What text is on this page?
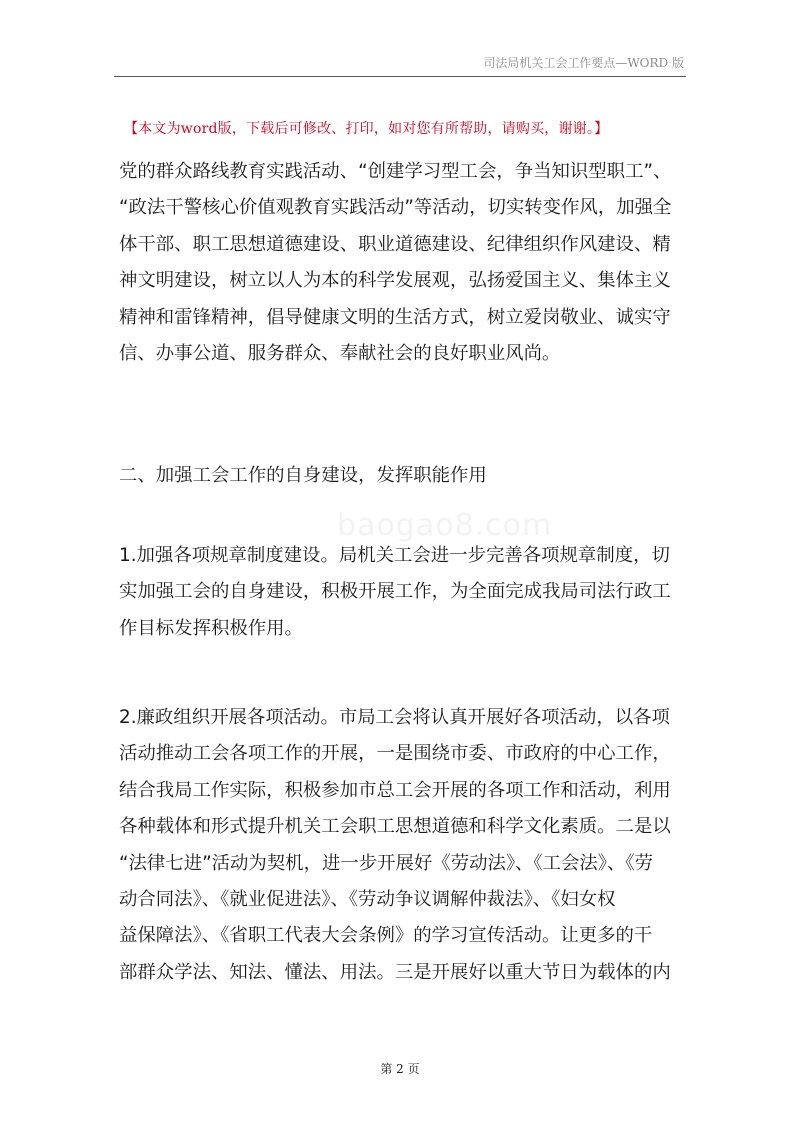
司法局机关工会工作要点—WORD 版
【本文为word版，下载后可修改、打印，如对您有所帮助，请购买，谢谢。】
党的群众路线教育实践活动、“创建学习型工会，争当知识型职工”、
“政法干警核心价值观教育实践活动”等活动，切实转变作风，加强全
体干部、职工思想道德建设、职业道德建设、纪律组织作风建设、精
神文明建设，树立以人为本的科学发展观，弘扬爱国主义、集体主义
精神和雷锋精神，倡导健康文明的生活方式，树立爱岗敬业、诚实守
信、办事公道、服务群众、奉献社会的良好职业风尚。
二、加强工会工作的自身建设，发挥职能作用
baogao8.com
1.加强各项规章制度建设。局机关工会进一步完善各项规章制度，切
实加强工会的自身建设，积极开展工作，为全面完成我局司法行政工
作目标发挥积极作用。
2.廉政组织开展各项活动。市局工会将认真开展好各项活动，以各项
活动推动工会各项工作的开展，一是围绕市委、市政府的中心工作，
结合我局工作实际，积极参加市总工会开展的各项工作和活动，利用
各种载体和形式提升机关工会职工思想道德和科学文化素质。二是以
“法律七进”活动为契机，进一步开展好《劳动法》、《工会法》、《劳
动合同法》、《就业促进法》、《劳动争议调解仲裁法》、《妇女权
益保障法》、《省职工代表大会条例》的学习宣传活动。让更多的干
部群众学法、知法、懂法、用法。三是开展好以重大节日为载体的内
第 2 页
